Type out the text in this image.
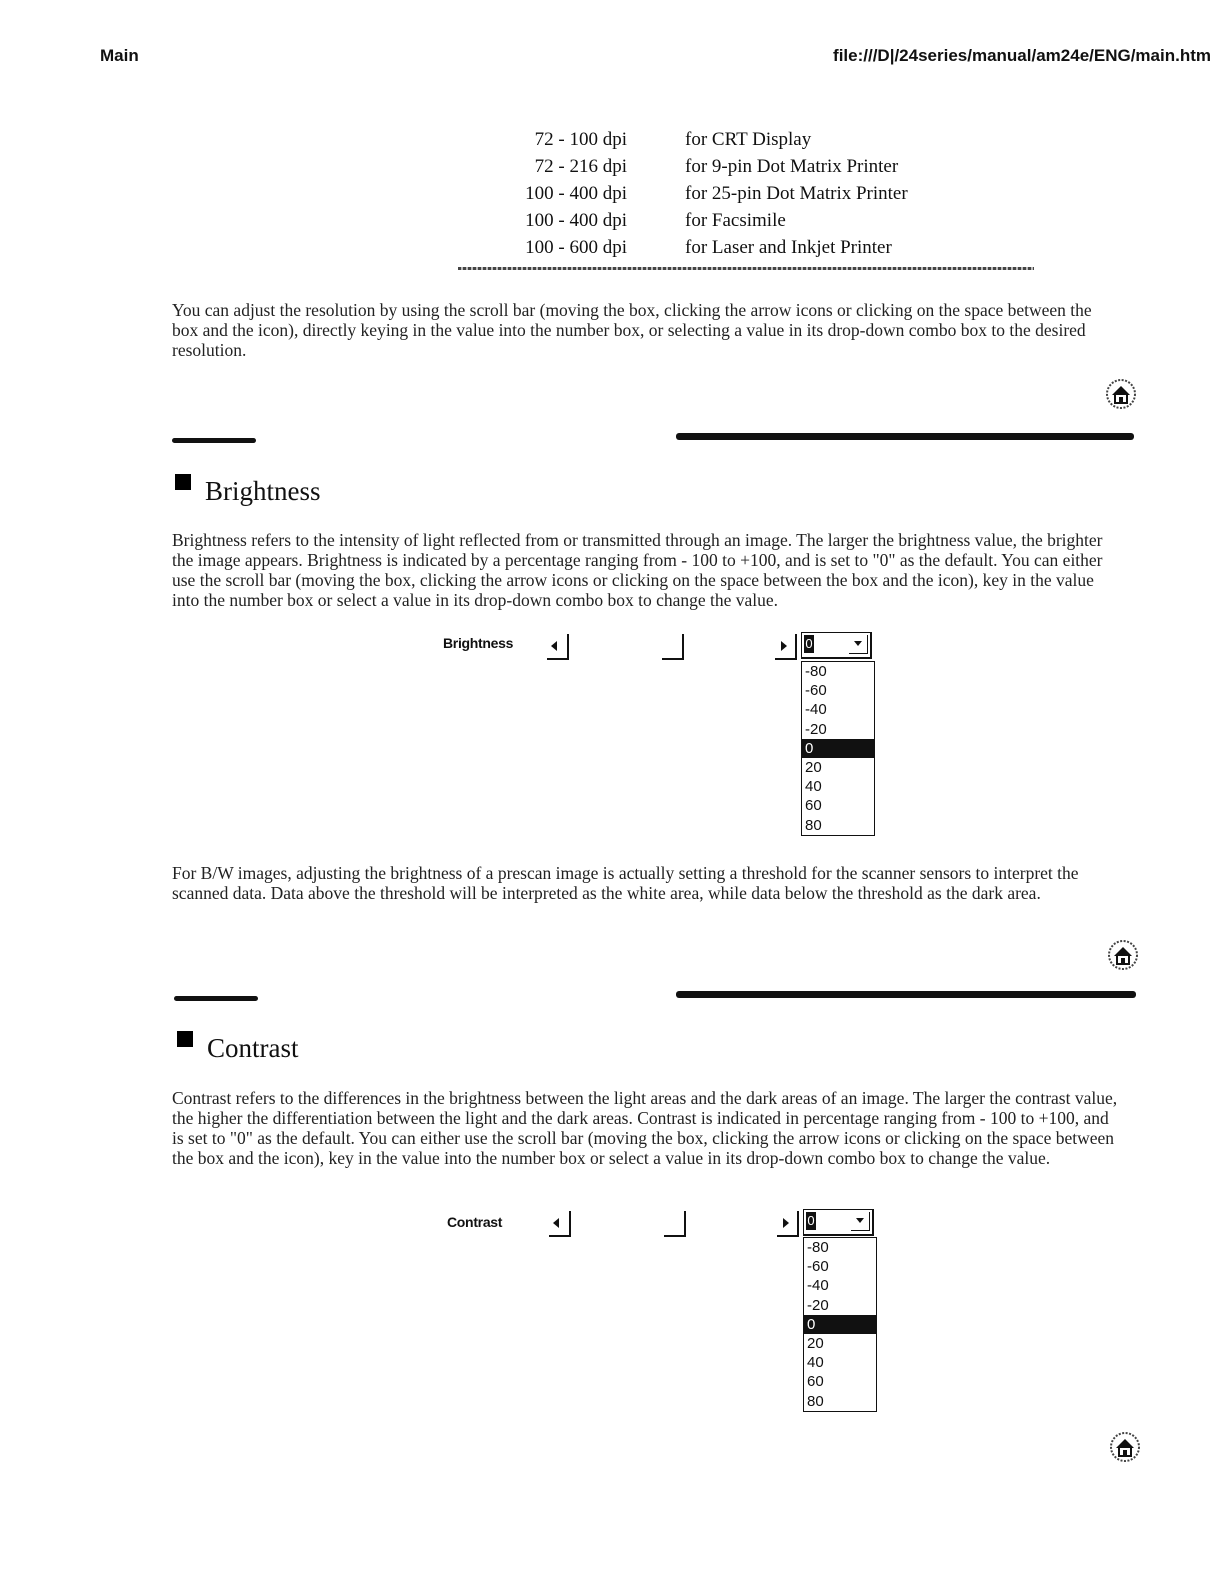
Main	file:///D|/24series/manual/am24e/ENG/main.htm
72 - 100 dpi	for CRT Display
72 - 216 dpi	for 9-pin Dot Matrix Printer
100 - 400 dpi	for 25-pin Dot Matrix Printer
100 - 400 dpi	for Facsimile
100 - 600 dpi	for Laser and Inkjet Printer

You can adjust the resolution by using the scroll bar (moving the box, clicking the arrow icons or clicking on the space between the box and the icon), directly keying in the value into the number box, or selecting a value in its drop-down combo box to the desired resolution.

Brightness

Brightness refers to the intensity of light reflected from or transmitted through an image. The larger the brightness value, the brighter the image appears. Brightness is indicated by a percentage ranging from - 100 to +100, and is set to "0" as the default. You can either use the scroll bar (moving the box, clicking the arrow icons or clicking on the space between the box and the icon), key in the value into the number box or select a value in its drop-down combo box to change the value.

Brightness	0
-80
-60
-40
-20
0
20
40
60
80

For B/W images, adjusting the brightness of a prescan image is actually setting a threshold for the scanner sensors to interpret the scanned data. Data above the threshold will be interpreted as the white area, while data below the threshold as the dark area.

Contrast

Contrast refers to the differences in the brightness between the light areas and the dark areas of an image. The larger the contrast value, the higher the differentiation between the light and the dark areas. Contrast is indicated in percentage ranging from - 100 to +100, and is set to "0" as the default. You can either use the scroll bar (moving the box, clicking the arrow icons or clicking on the space between the box and the icon), key in the value into the number box or select a value in its drop-down combo box to change the value.

Contrast	0
-80
-60
-40
-20
0
20
40
60
80
